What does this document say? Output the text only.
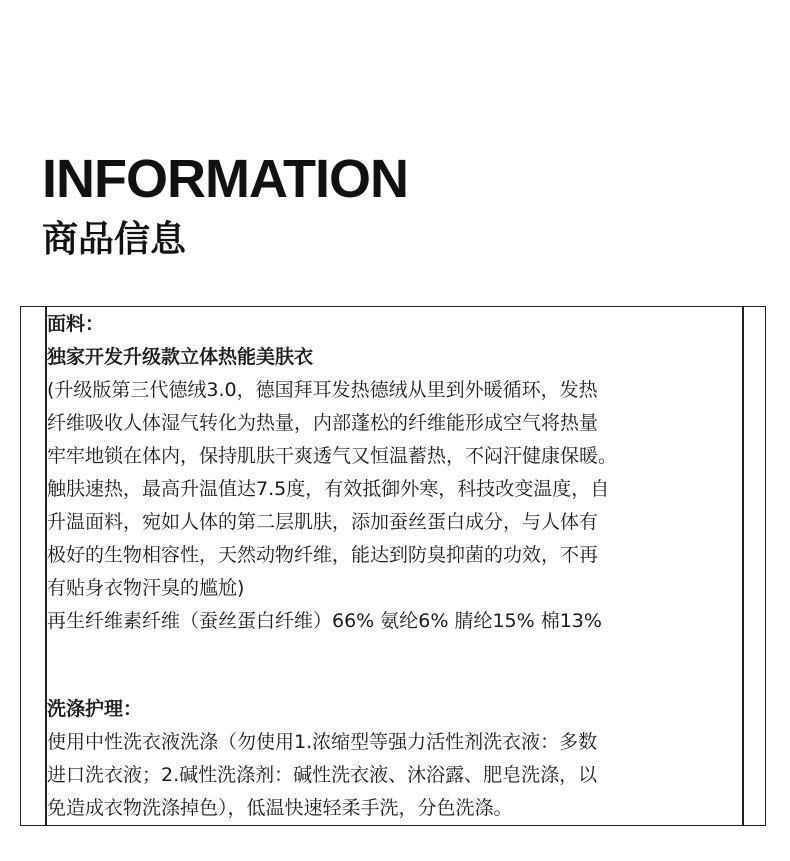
INFORMATION
商品信息
面料：
独家开发升级款立体热能美肤衣
(升级版第三代德绒3.0，德国拜耳发热德绒从里到外暖循环，发热
纤维吸收人体湿气转化为热量，内部蓬松的纤维能形成空气将热量
牢牢地锁在体内，保持肌肤干爽透气又恒温蓄热，不闷汗健康保暖。
触肤速热，最高升温值达7.5度，有效抵御外寒，科技改变温度，自
升温面料，宛如人体的第二层肌肤，添加蚕丝蛋白成分，与人体有
极好的生物相容性，天然动物纤维，能达到防臭抑菌的功效，不再
有贴身衣物汗臭的尴尬)
再生纤维素纤维（蚕丝蛋白纤维）66% 氨纶6% 腈纶15% 棉13%
洗涤护理：
使用中性洗衣液洗涤（勿使用1.浓缩型等强力活性剂洗衣液：多数
进口洗衣液；2.碱性洗涤剂：碱性洗衣液、沐浴露、肥皂洗涤，以
免造成衣物洗涤掉色），低温快速轻柔手洗，分色洗涤。
